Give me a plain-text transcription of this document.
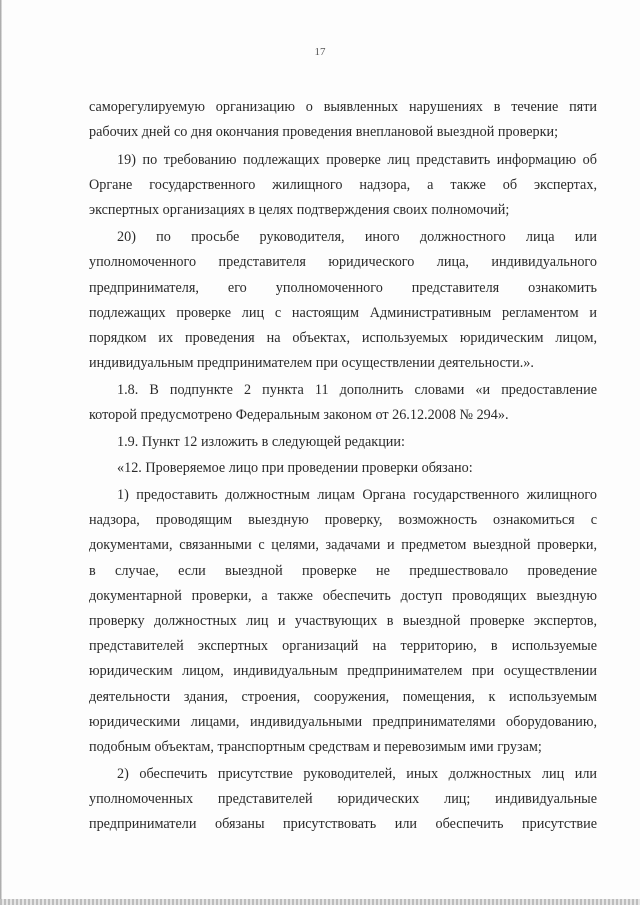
17
саморегулируемую организацию о выявленных нарушениях в течение пяти
рабочих дней со дня окончания проведения внеплановой выездной проверки;
19) по требованию подлежащих проверке лиц представить информацию об
Органе государственного жилищного надзора, а также об экспертах,
экспертных организациях в целях подтверждения своих полномочий;
20) по просьбе руководителя, иного должностного лица или
уполномоченного представителя юридического лица, индивидуального
предпринимателя, его уполномоченного представителя ознакомить
подлежащих проверке лиц с настоящим Административным регламентом и
порядком их проведения на объектах, используемых юридическим лицом,
индивидуальным предпринимателем при осуществлении деятельности.».
1.8. В подпункте 2 пункта 11 дополнить словами «и предоставление
которой предусмотрено Федеральным законом от 26.12.2008 № 294».
1.9. Пункт 12 изложить в следующей редакции:
«12. Проверяемое лицо при проведении проверки обязано:
1) предоставить должностным лицам Органа государственного жилищного
надзора, проводящим выездную проверку, возможность ознакомиться с
документами, связанными с целями, задачами и предметом выездной проверки,
в случае, если выездной проверке не предшествовало проведение
документарной проверки, а также обеспечить доступ проводящих выездную
проверку должностных лиц и участвующих в выездной проверке экспертов,
представителей экспертных организаций на территорию, в используемые
юридическим лицом, индивидуальным предпринимателем при осуществлении
деятельности здания, строения, сооружения, помещения, к используемым
юридическими лицами, индивидуальными предпринимателями оборудованию,
подобным объектам, транспортным средствам и перевозимым ими грузам;
2) обеспечить присутствие руководителей, иных должностных лиц или
уполномоченных представителей юридических лиц; индивидуальные
предприниматели обязаны присутствовать или обеспечить присутствие
